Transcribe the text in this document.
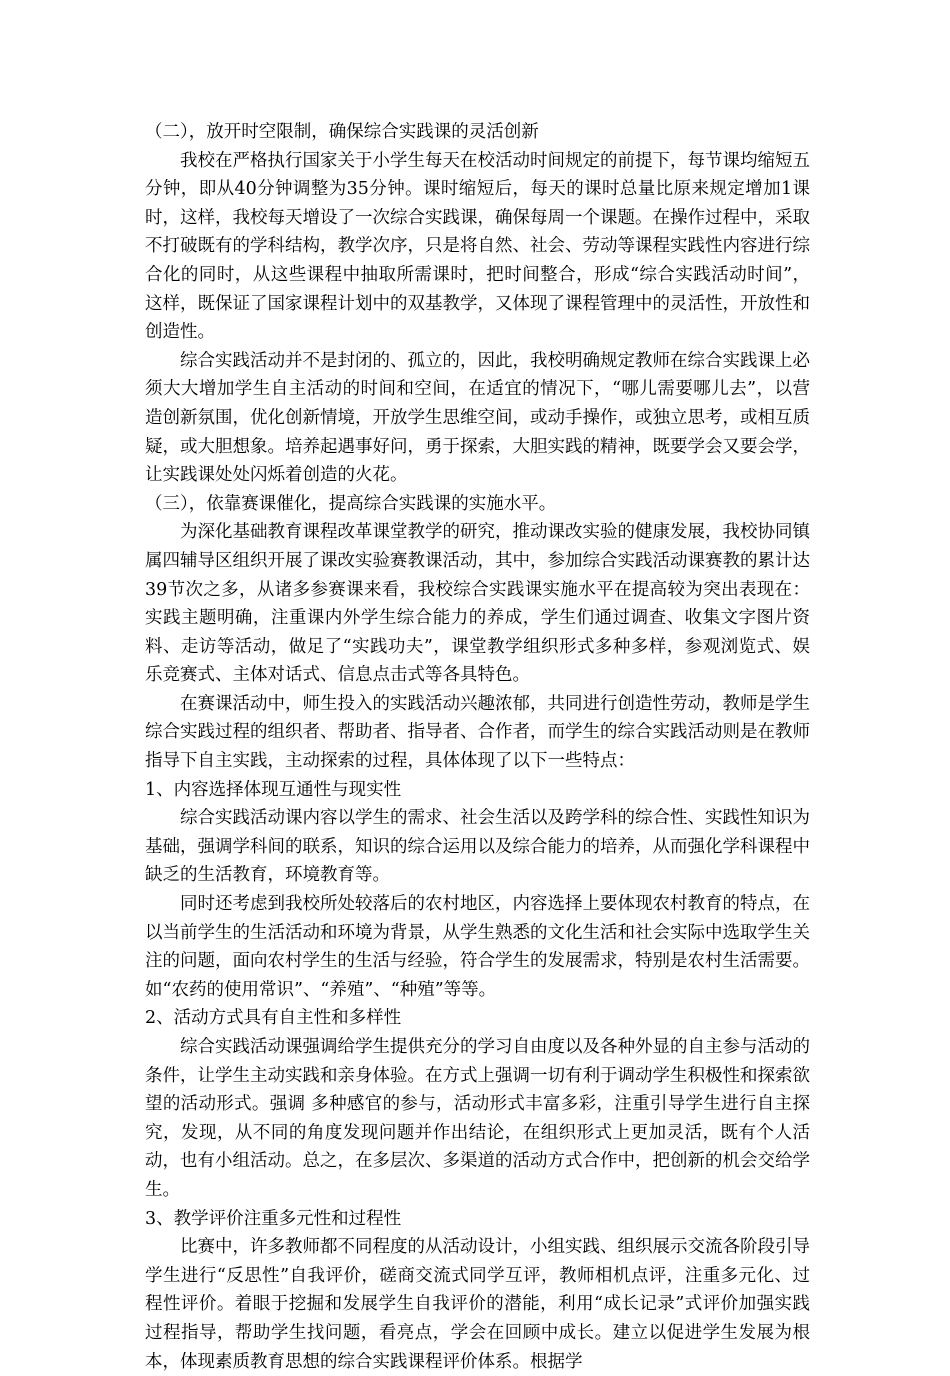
（二），放开时空限制，确保综合实践课的灵活创新

我校在严格执行国家关于小学生每天在校活动时间规定的前提下，每节课均缩短五分钟，即从40分钟调整为35分钟。课时缩短后，每天的课时总量比原来规定增加1课时，这样，我校每天增设了一次综合实践课，确保每周一个课题。在操作过程中，采取不打破既有的学科结构，教学次序，只是将自然、社会、劳动等课程实践性内容进行综合化的同时，从这些课程中抽取所需课时，把时间整合，形成“综合实践活动时间”，这样，既保证了国家课程计划中的双基教学，又体现了课程管理中的灵活性，开放性和创造性。

综合实践活动并不是封闭的、孤立的，因此，我校明确规定教师在综合实践课上必须大大增加学生自主活动的时间和空间，在适宜的情况下，“哪儿需要哪儿去”，以营造创新氛围，优化创新情境，开放学生思维空间，或动手操作，或独立思考，或相互质疑，或大胆想象。培养起遇事好问，勇于探索，大胆实践的精神，既要学会又要会学，让实践课处处闪烁着创造的火花。

（三），依靠赛课催化，提高综合实践课的实施水平。

为深化基础教育课程改革课堂教学的研究，推动课改实验的健康发展，我校协同镇属四辅导区组织开展了课改实验赛教课活动，其中，参加综合实践活动课赛教的累计达39节次之多，从诸多参赛课来看，我校综合实践课实施水平在提高较为突出表现在：实践主题明确，注重课内外学生综合能力的养成，学生们通过调查、收集文字图片资料、走访等活动，做足了“实践功夫”，课堂教学组织形式多种多样，参观浏览式、娱乐竞赛式、主体对话式、信息点击式等各具特色。

在赛课活动中，师生投入的实践活动兴趣浓郁，共同进行创造性劳动，教师是学生综合实践过程的组织者、帮助者、指导者、合作者，而学生的综合实践活动则是在教师指导下自主实践，主动探索的过程，具体体现了以下一些特点：

1、内容选择体现互通性与现实性

综合实践活动课内容以学生的需求、社会生活以及跨学科的综合性、实践性知识为基础，强调学科间的联系，知识的综合运用以及综合能力的培养，从而强化学科课程中缺乏的生活教育，环境教育等。

同时还考虑到我校所处较落后的农村地区，内容选择上要体现农村教育的特点，在以当前学生的生活活动和环境为背景，从学生熟悉的文化生活和社会实际中选取学生关注的问题，面向农村学生的生活与经验，符合学生的发展需求，特别是农村生活需要。如“农药的使用常识”、“养殖”、“种殖”等等。

2、活动方式具有自主性和多样性

综合实践活动课强调给学生提供充分的学习自由度以及各种外显的自主参与活动的条件，让学生主动实践和亲身体验。在方式上强调一切有利于调动学生积极性和探索欲望的活动形式。强调 多种感官的参与，活动形式丰富多彩，注重引导学生进行自主探究，发现，从不同的角度发现问题并作出结论，在组织形式上更加灵活，既有个人活动，也有小组活动。总之，在多层次、多渠道的活动方式合作中，把创新的机会交给学生。

3、教学评价注重多元性和过程性

比赛中，许多教师都不同程度的从活动设计，小组实践、组织展示交流各阶段引导学生进行“反思性”自我评价，磋商交流式同学互评，教师相机点评，注重多元化、过程性评价。着眼于挖掘和发展学生自我评价的潜能，利用“成长记录”式评价加强实践过程指导，帮助学生找问题，看亮点，学会在回顾中成长。建立以促进学生发展为根本，体现素质教育思想的综合实践课程评价体系。根据学
